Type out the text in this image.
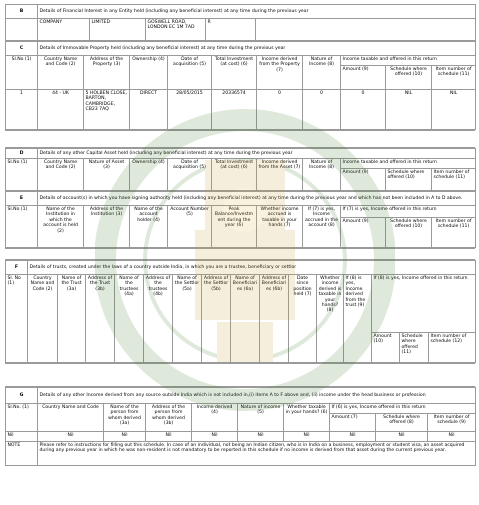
B	Details of Financial Interest in any Entity held (including any beneficial interest) at any time during the previous year				
	COMPANY	LIMITED	GOSWELL ROAD, LONDON EC 1M 7AD	R	
C	Details of Immovable Property held (including any beneficial interest) at any time during the previous year									
Sl.No (1)	Country Name and Code (2)	Address of the Property (3)	Ownership (4)	Date of acquisition (5)	Total Investment (at cost) (6)	Income derived from the Property (7)	Nature of Income (8)	Income taxable and offered in this return		
								Amount (9)	Schedule where offered (10)	Item number of schedule (11)
1	44 - UK	5 HOLBEN CLOSE, BARTON, CAMBRIDGE, CB23 7AQ	DIRECT	28/05/2015	20336574	0	0	0	NIL	NIL
D	Details of any other Capital Asset held (including any beneficial interest) at any time during the previous year									
Sl.No (1)	Country Name and Code (2)	Nature of Asset (3)	Ownership (4)	Date of acquisition (5)	Total Investment (at cost) (6)	Income derived from the Asset (7)	Nature of Income (8)	Income taxable and offered in this return		
								Amount (9)	Schedule where offered (10)	Item number of schedule (11)
E	Details of account(s) in which you have signing authority held (including any beneficial interest) at any time during the previous year and which has not been included in A to D above.									
Sl.No (1)	Name of the Institution in which the account is held (2)	Address of the Institution (3)	Name of the account holder (4)	Account Number (5)	Peak Balance/Investment during the year (6)	Whether income accrued is taxable in your hands (7)	If (7) is yes, Income accrued in the account (8)	If (7) is yes, Income offered in this return		
								Amount (9)	Schedule where offered (10)	Item number of schedule (11)
F	Details of trusts, created under the laws of a country outside India, in which you are a trustee, beneficiary or settlor														
Sl. No (1)	Country Name and Code (2)	Name of the Trust (3a)	Address of the Trust (3b)	Name of the trustees (4a)	Address of the trustees (4b)	Name of the Settlor (5a)	Address of the Settlor (5b)	Name of Beneficiaries (6a)	Address of Beneficiaries (6b)	Date since position held (7)	Whether income derived is taxable in your hands? (8)	If (8) is yes, Income derived from the trust (9)	If (8) is yes, Income offered in this return		
													Amount (10)	Schedule where offered (11)	Item number of schedule (12)
G	Details of any other Income derived from any source outside India which is not included in,(i) items A to F above and, (ii) income under the head business or profession								
Sl.No. (1)	Country Name and Code	Name of the person from whom derived (3a)	Address of the person from whom derived (3b)	Income derived (4)	Nature of income (5)	Whether taxable in your hands? (6)	If (6) is yes, Income offered in this return		
							Amount (7)	Schedule where offered (8)	Item number of schedule (9)
Nil	Nil	Nil	Nil	Nil	Nil	Nil	Nil	Nil	Nil
NOTE	Please refer to instructions for filling out this schedule. In case of an individual, not being an Indian citizen, who is in India on a business, employment or student visa, an asset acquired during any previous year in which he was non-resident is not mandatory to be reported in this schedule if no income is derived from that asset during the current previous year.								
